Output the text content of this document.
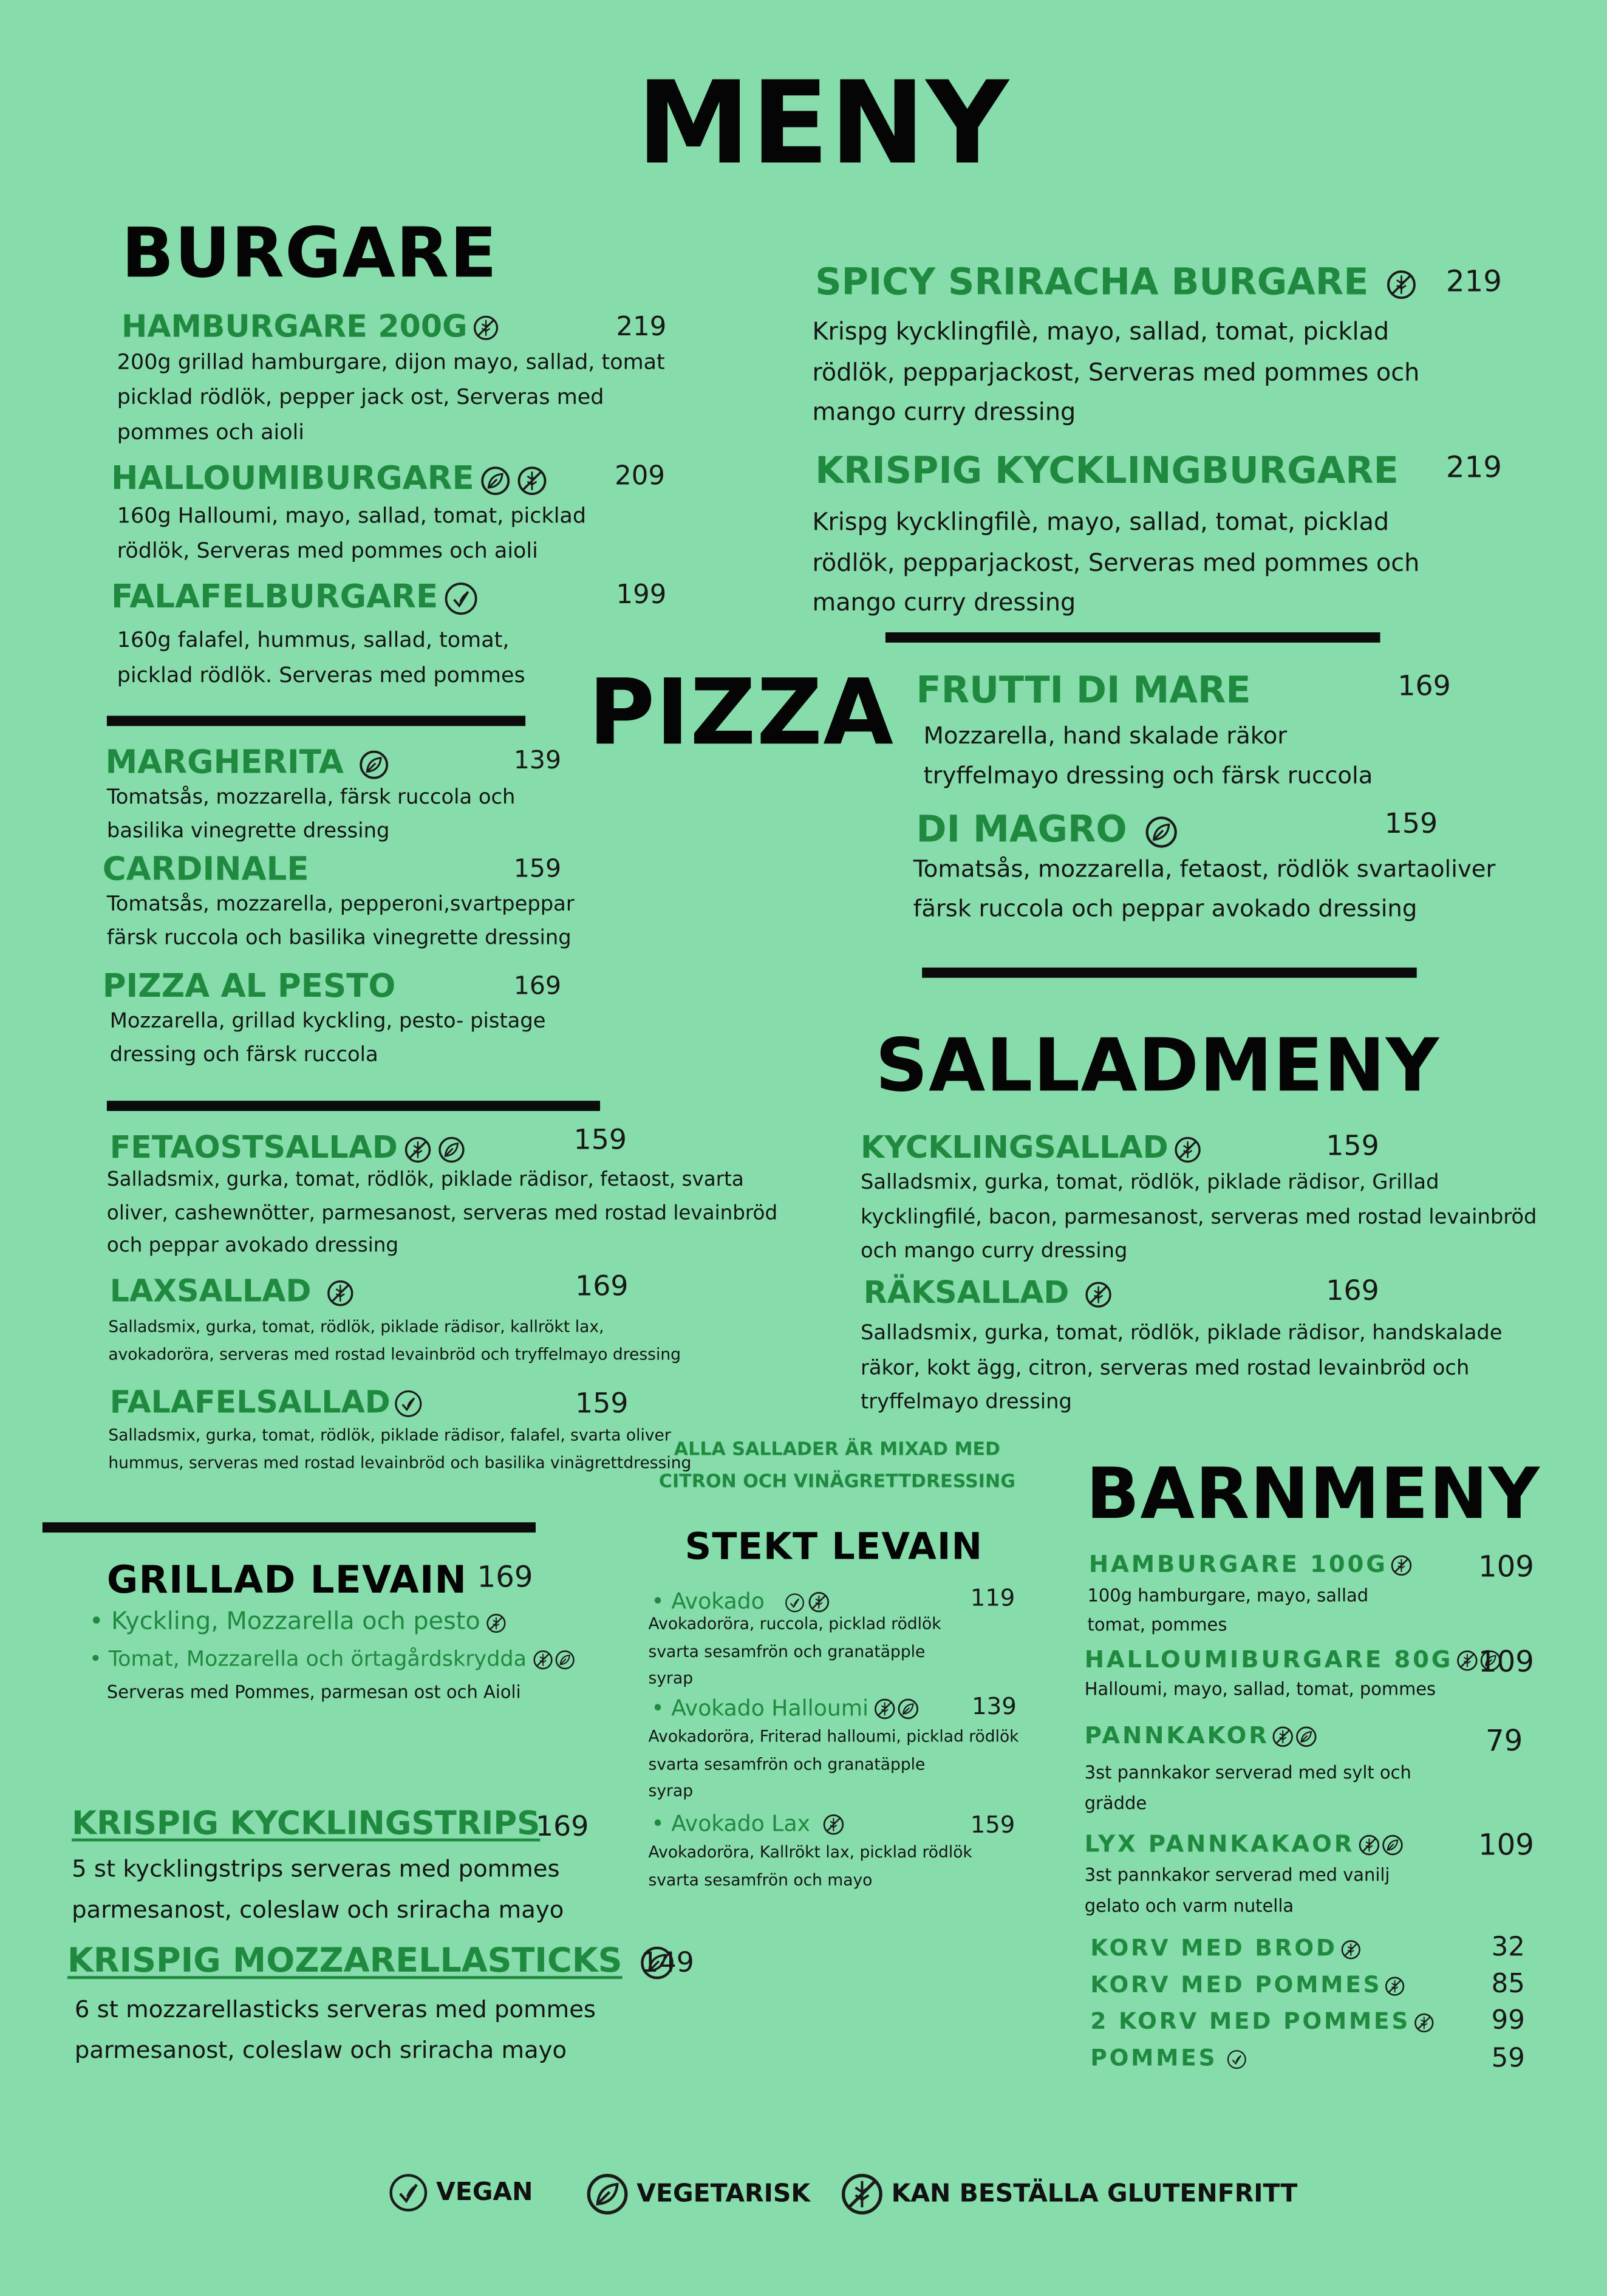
MENY
BURGARE
HAMBURGARE 200G	219
200g grillad hamburgare, dijon mayo, sallad, tomat
picklad rödlök, pepper jack ost, Serveras med
pommes och aioli
HALLOUMIBURGARE	209
160g Halloumi, mayo, sallad, tomat, picklad
rödlök, Serveras med pommes och aioli
FALAFELBURGARE	199
160g falafel, hummus, sallad, tomat,
picklad rödlök. Serveras med pommes
SPICY SRIRACHA BURGARE	219
Krispg kycklingfilè, mayo, sallad, tomat, picklad
rödlök, pepparjackost, Serveras med pommes och
mango curry dressing
KRISPIG KYCKLINGBURGARE	219
Krispg kycklingfilè, mayo, sallad, tomat, picklad
rödlök, pepparjackost, Serveras med pommes och
mango curry dressing
PIZZA
MARGHERITA	139
Tomatsås, mozzarella, färsk ruccola och
basilika vinegrette dressing
CARDINALE	159
Tomatsås, mozzarella, pepperoni,svartpeppar
färsk ruccola och basilika vinegrette dressing
PIZZA AL PESTO	169
Mozzarella, grillad kyckling, pesto- pistage
dressing och färsk ruccola
FRUTTI DI MARE	169
Mozzarella, hand skalade räkor
tryffelmayo dressing och färsk ruccola
DI MAGRO	159
Tomatsås, mozzarella, fetaost, rödlök svartaoliver
färsk ruccola och peppar avokado dressing
SALLADMENY
FETAOSTSALLAD	159
Salladsmix, gurka, tomat, rödlök, piklade rädisor, fetaost, svarta
oliver, cashewnötter, parmesanost, serveras med rostad levainbröd
och peppar avokado dressing
LAXSALLAD	169
Salladsmix, gurka, tomat, rödlök, piklade rädisor, kallrökt lax,
avokadoröra, serveras med rostad levainbröd och tryffelmayo dressing
FALAFELSALLAD	159
Salladsmix, gurka, tomat, rödlök, piklade rädisor, falafel, svarta oliver
hummus, serveras med rostad levainbröd och basilika vinägrettdressing
KYCKLINGSALLAD	159
Salladsmix, gurka, tomat, rödlök, piklade rädisor, Grillad
kycklingfilé, bacon, parmesanost, serveras med rostad levainbröd
och mango curry dressing
RÄKSALLAD	169
Salladsmix, gurka, tomat, rödlök, piklade rädisor, handskalade
räkor, kokt ägg, citron, serveras med rostad levainbröd och
tryffelmayo dressing
ALLA SALLADER ÄR MIXAD MED
CITRON OCH VINÄGRETTDRESSING
GRILLAD LEVAIN 169
• Kyckling, Mozzarella och pesto
• Tomat, Mozzarella och örtagårdskrydda
Serveras med Pommes, parmesan ost och Aioli
STEKT LEVAIN
• Avokado	119
Avokadoröra, ruccola, picklad rödlök
svarta sesamfrön och granatäpple
syrap
• Avokado Halloumi	139
Avokadoröra, Friterad halloumi, picklad rödlök
svarta sesamfrön och granatäpple
syrap
• Avokado Lax	159
Avokadoröra, Kallrökt lax, picklad rödlök
svarta sesamfrön och mayo
KRISPIG KYCKLINGSTRIPS
169
5 st kycklingstrips serveras med pommes
parmesanost, coleslaw och sriracha mayo
KRISPIG MOZZARELLASTICKS	149
6 st mozzarellasticks serveras med pommes
parmesanost, coleslaw och sriracha mayo
BARNMENY
HAMBURGARE 100G	109
100g hamburgare, mayo, sallad
tomat, pommes
HALLOUMIBURGARE 80G	109
Halloumi, mayo, sallad, tomat, pommes
PANNKAKOR	79
3st pannkakor serverad med sylt och
grädde
LYX PANNKAKAOR	109
3st pannkakor serverad med vanilj
gelato och varm nutella
KORV MED BROD	32
KORV MED POMMES	85
2 KORV MED POMMES	99
POMMES	59
VEGAN	VEGETARISK	KAN BESTÄLLA GLUTENFRITT
